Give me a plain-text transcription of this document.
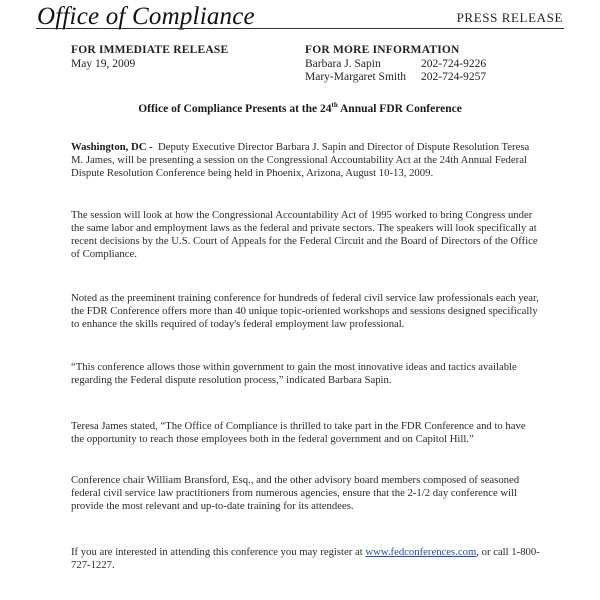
Office of Compliance	PRESS RELEASE
FOR IMMEDIATE RELEASE
May 19, 2009
FOR MORE INFORMATION
Barbara J. Sapin	202-724-9226
Mary-Margaret Smith	202-724-9257
Office of Compliance Presents at the 24th Annual FDR Conference

Washington, DC - Deputy Executive Director Barbara J. Sapin and Director of Dispute Resolution Teresa M. James, will be presenting a session on the Congressional Accountability Act at the 24th Annual Federal Dispute Resolution Conference being held in Phoenix, Arizona, August 10-13, 2009.

The session will look at how the Congressional Accountability Act of 1995 worked to bring Congress under the same labor and employment laws as the federal and private sectors. The speakers will look specifically at recent decisions by the U.S. Court of Appeals for the Federal Circuit and the Board of Directors of the Office of Compliance.

Noted as the preeminent training conference for hundreds of federal civil service law professionals each year, the FDR Conference offers more than 40 unique topic-oriented workshops and sessions designed specifically to enhance the skills required of today's federal employment law professional.

“This conference allows those within government to gain the most innovative ideas and tactics available regarding the Federal dispute resolution process,” indicated Barbara Sapin.

Teresa James stated, “The Office of Compliance is thrilled to take part in the FDR Conference and to have the opportunity to reach those employees both in the federal government and on Capitol Hill.”

Conference chair William Bransford, Esq., and the other advisory board members composed of seasoned federal civil service law practitioners from numerous agencies, ensure that the 2-1/2 day conference will provide the most relevant and up-to-date training for its attendees.

If you are interested in attending this conference you may register at www.fedconferences.com, or call 1-800-727-1227.
